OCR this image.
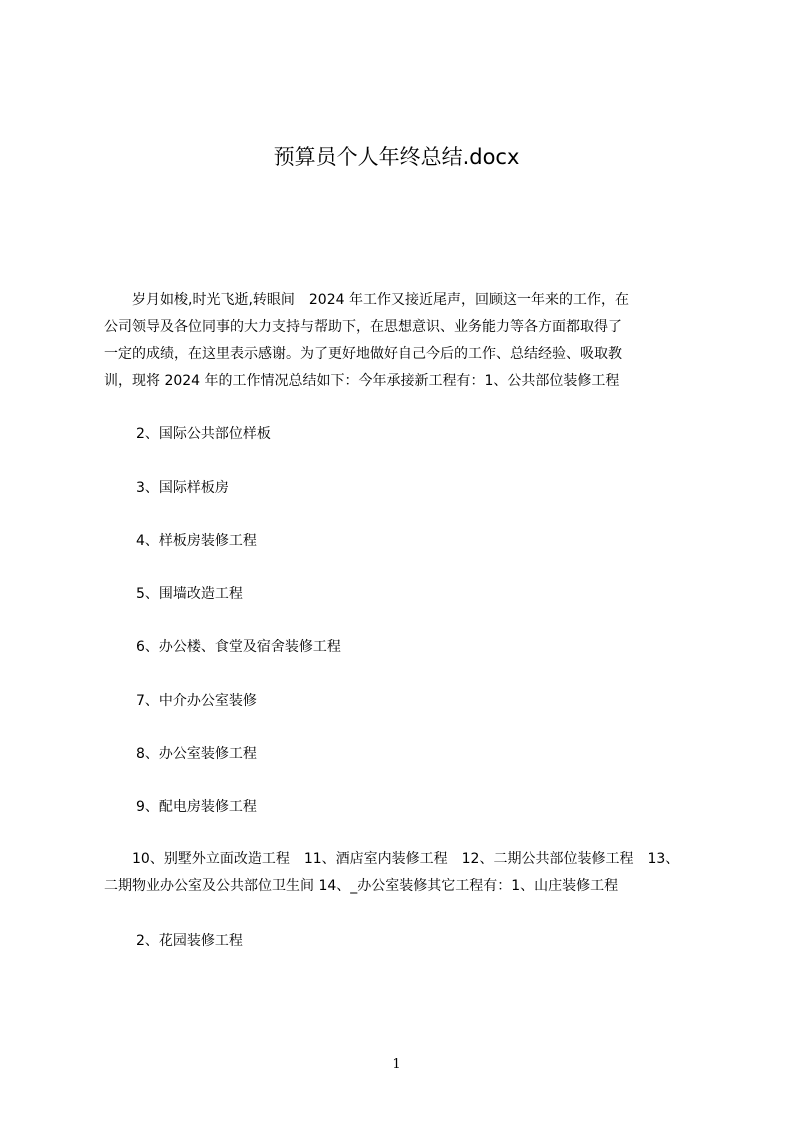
预算员个人年终总结.docx
　　岁月如梭,时光飞逝,转眼间　2024 年工作又接近尾声，回顾这一年来的工作，在
公司领导及各位同事的大力支持与帮助下，在思想意识、业务能力等各方面都取得了
一定的成绩，在这里表示感谢。为了更好地做好自己今后的工作、总结经验、吸取教
训，现将 2024 年的工作情况总结如下：今年承接新工程有：1、公共部位装修工程
2、国际公共部位样板
3、国际样板房
4、样板房装修工程
5、围墙改造工程
6、办公楼、食堂及宿舍装修工程
7、中介办公室装修
8、办公室装修工程
9、配电房装修工程
　　10、别墅外立面改造工程　11、酒店室内装修工程　12、二期公共部位装修工程　13、
二期物业办公室及公共部位卫生间 14、_办公室装修其它工程有：1、山庄装修工程
2、花园装修工程
1
